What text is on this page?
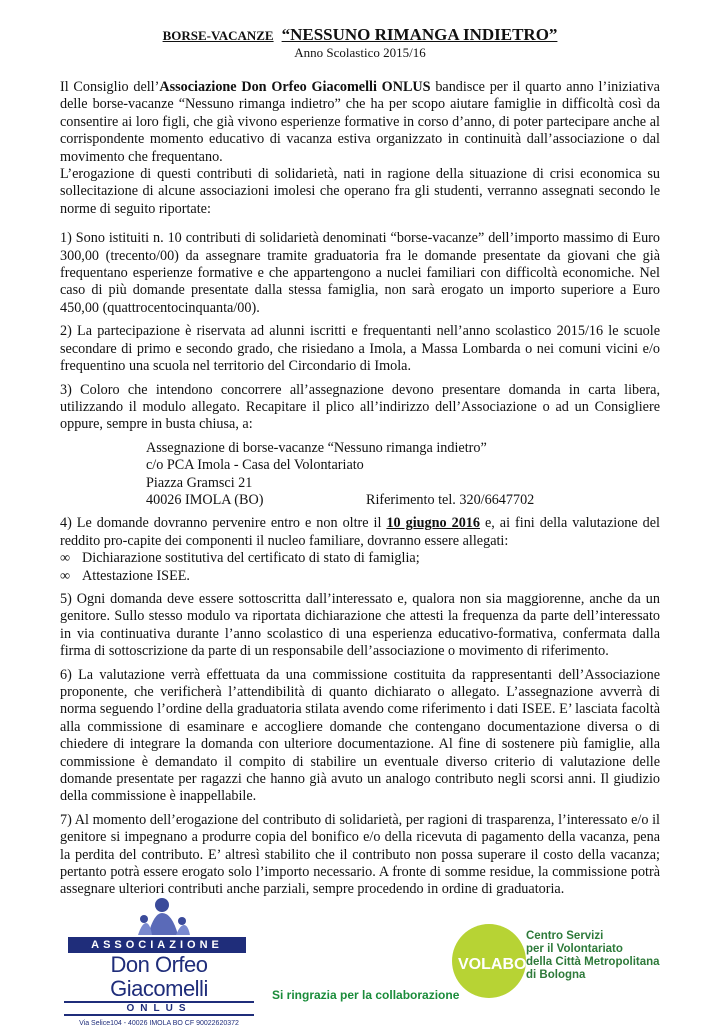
BORSE-VACANZE “NESSUNO RIMANGA INDIETRO”
Anno Scolastico 2015/16

Il Consiglio dell’Associazione Don Orfeo Giacomelli ONLUS bandisce per il quarto anno l’iniziativa delle borse-vacanze “Nessuno rimanga indietro” che ha per scopo aiutare famiglie in difficoltà così da consentire ai loro figli, che già vivono esperienze formative in corso d’anno, di poter partecipare anche al corrispondente momento educativo di vacanza estiva organizzato in continuità dall’associazione o dal movimento che frequentano.

L’erogazione di questi contributi di solidarietà, nati in ragione della situazione di crisi economica su sollecitazione di alcune associazioni imolesi che operano fra gli studenti, verranno assegnati secondo le norme di seguito riportate:

1) Sono istituiti n. 10 contributi di solidarietà denominati “borse-vacanze” dell’importo massimo di Euro 300,00 (trecento/00) da assegnare tramite graduatoria fra le domande presentate da giovani che già frequentano esperienze formative e che appartengono a nuclei familiari con difficoltà economiche. Nel caso di più domande presentate dalla stessa famiglia, non sarà erogato un importo superiore a Euro 450,00 (quattrocentocinquanta/00).

2) La partecipazione è riservata ad alunni iscritti e frequentanti nell’anno scolastico 2015/16 le scuole secondare di primo e secondo grado, che risiedano a Imola, a Massa Lombarda o nei comuni vicini e/o frequentino una scuola nel territorio del Circondario di Imola.

3) Coloro che intendono concorrere all’assegnazione devono presentare domanda in carta libera, utilizzando il modulo allegato. Recapitare il plico all’indirizzo dell’Associazione o ad un Consigliere oppure, sempre in busta chiusa, a:

Assegnazione di borse-vacanze “Nessuno rimanga indietro”
c/o PCA Imola - Casa del Volontariato
Piazza Gramsci 21
40026 IMOLA (BO)	Riferimento tel. 320/6647702

4) Le domande dovranno pervenire entro e non oltre il 10 giugno 2016 e, ai fini della valutazione del reddito pro-capite dei componenti il nucleo familiare, dovranno essere allegati:

∞ Dichiarazione sostitutiva del certificato di stato di famiglia;
∞ Attestazione ISEE.

5) Ogni domanda deve essere sottoscritta dall’interessato e, qualora non sia maggiorenne, anche da un genitore. Sullo stesso modulo va riportata dichiarazione che attesti la frequenza da parte dell’interessato in via continuativa durante l’anno scolastico di una esperienza educativo-formativa, confermata dalla firma di sottoscrizione da parte di un responsabile dell’associazione o movimento di riferimento.

6) La valutazione verrà effettuata da una commissione costituita da rappresentanti dell’Associazione proponente, che verificherà l’attendibilità di quanto dichiarato o allegato. L’assegnazione avverrà di norma seguendo l’ordine della graduatoria stilata avendo come riferimento i dati ISEE. E’ lasciata facoltà alla commissione di esaminare e accogliere domande che contengano documentazione diversa o di chiedere di integrare la domanda con ulteriore documentazione. Al fine di sostenere più famiglie, alla commissione è demandato il compito di stabilire un eventuale diverso criterio di valutazione delle domande presentate per ragazzi che hanno già avuto un analogo contributo negli scorsi anni. Il giudizio della commissione è inappellabile.

7) Al momento dell’erogazione del contributo di solidarietà, per ragioni di trasparenza, l’interessato e/o il genitore si impegnano a produrre copia del bonifico e/o della ricevuta di pagamento della vacanza, pena la perdita del contributo. E’ altresì stabilito che il contributo non possa superare il costo della vacanza; pertanto potrà essere erogato solo l’importo necessario. A fronte di somme residue, la commissione potrà assegnare ulteriori contributi anche parziali, sempre procedendo in ordine di graduatoria.

ASSOCIAZIONE
Don Orfeo Giacomelli
ONLUS
Via Selice104 - 40026 IMOLA BO CF 90022620372
Si ringrazia per la collaborazione
VOLABO
Centro Servizi
per il Volontariato
della Città Metropolitana
di Bologna
